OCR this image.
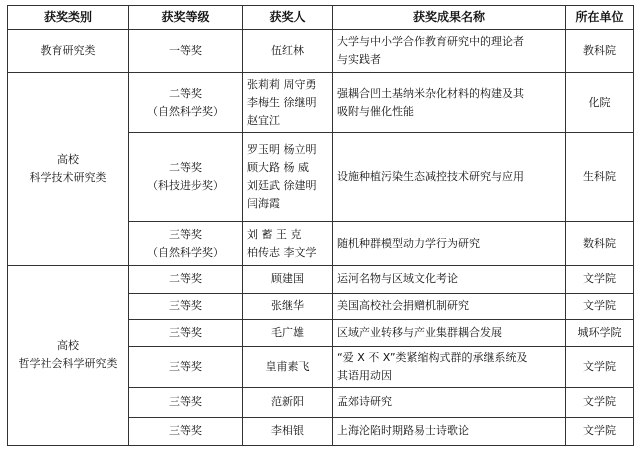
获奖类别	获奖等级	获奖人	获奖成果名称	所在单位

教育研究类	一等奖	伍红林	大学与中小学合作教育研究中的理论者
与实践者	教科院

高校
科学技术研究类	二等奖
（自然科学奖）	张莉莉 周守勇
李梅生 徐继明
赵宜江	强耦合凹土基纳米杂化材料的构建及其
吸附与催化性能	化院

	二等奖
（科技进步奖）	罗玉明 杨立明
顾大路 杨 威
刘廷武 徐建明
闫海霞	设施种植污染生态减控技术研究与应用	生科院

	三等奖
（自然科学奖）	刘 蓄 王 克
柏传志 李文学	随机种群模型动力学行为研究	数科院

高校
哲学社会科学研究类	二等奖	顾建国	运河名物与区域文化考论	文学院

	三等奖	张继华	美国高校社会捐赠机制研究	文学院

	三等奖	毛广雄	区域产业转移与产业集群耦合发展	城环学院

	三等奖	皇甫素飞	“爱 X 不 X”类紧缩构式群的承继系统及
其语用动因	文学院

	三等奖	范新阳	孟郊诗研究	文学院

	三等奖	李相银	上海沦陷时期路易士诗歌论	文学院
